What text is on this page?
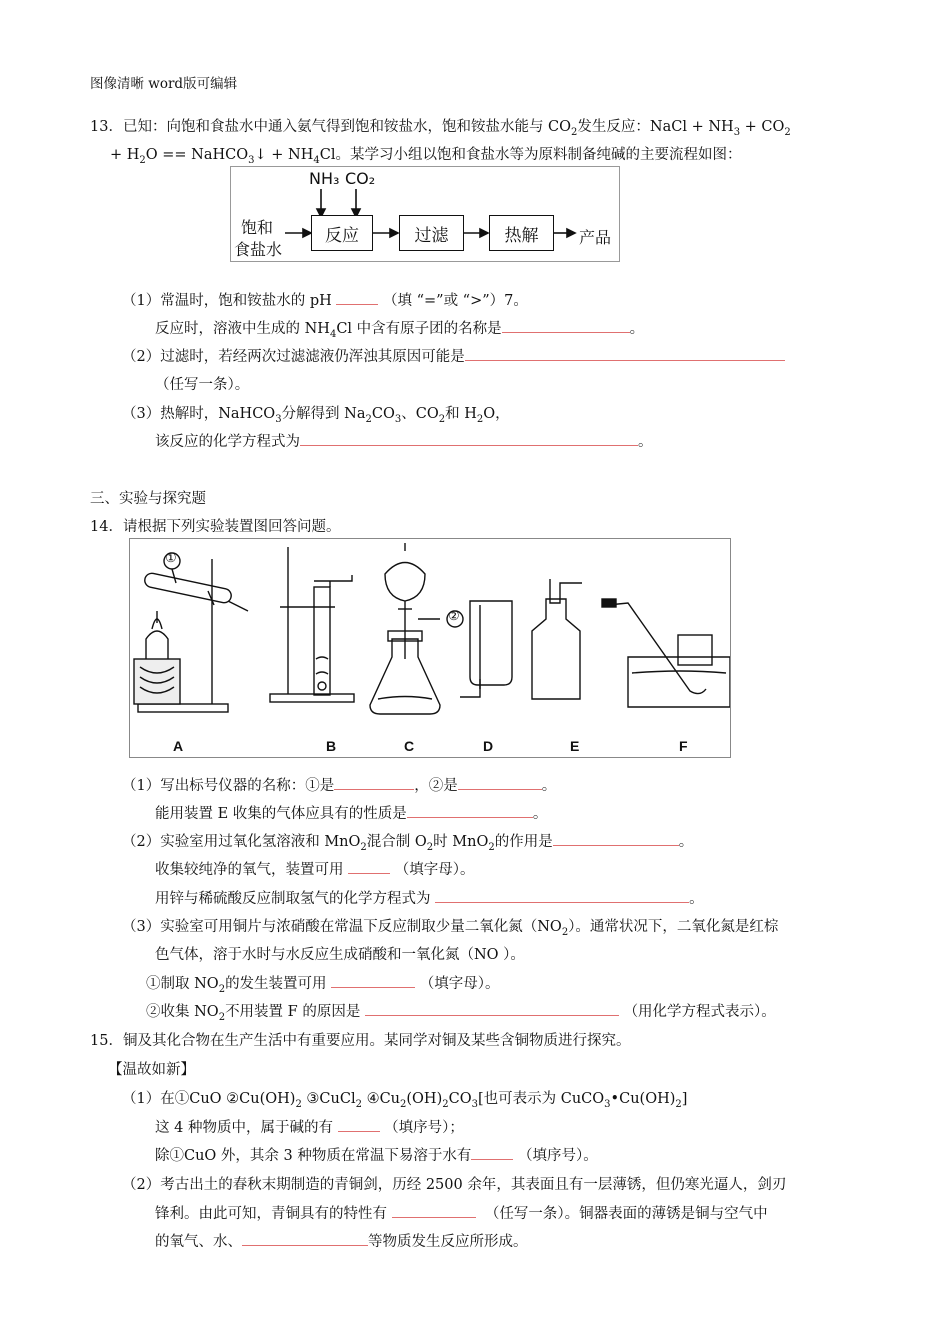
图像清晰 word版可编辑
13．已知：向饱和食盐水中通入氨气得到饱和铵盐水，饱和铵盐水能与 $CO_2$发生反应：NaCl + $NH_3 + CO_2$
+ $H_2O$ == NaHCO$_3$↓ + $NH_4Cl$。某学习小组以饱和食盐水等为原料制备纯碱的主要流程如图：
NH₃ CO₂
饱和
食盐水
反应	过滤	热解	产品
（1）常温时，饱和铵盐水的 pH	（填 “=”或 “>”）7。
反应时，溶液中生成的 $NH_4Cl$ 中含有原子团的名称是	。
（2）过滤时，若经两次过滤滤液仍浑浊其原因可能是
（任写一条）。
（3）热解时，NaHCO$_3$分解得到 $Na_2CO_3$、$CO_2$和 $H_2O$，
该反应的化学方程式为	。
三、实验与探究题
14．请根据下列实验装置图回答问题。
A	B	C	D	E	F
①
②
（1）写出标号仪器的名称：①是	，②是	。
能用装置 E 收集的气体应具有的性质是	。
（2）实验室用过氧化氢溶液和 MnO$_2$混合制 $O_2$时 MnO$_2$的作用是	。
收集较纯净的氧气，装置可用	（填字母）。
用锌与稀硫酸反应制取氢气的化学方程式为	。
（3）实验室可用铜片与浓硝酸在常温下反应制取少量二氧化氮$(NO_2)$。通常状况下，二氧化氮是红棕
色气体，溶于水时与水反应生成硝酸和一氧化氮（NO ）。
①制取 $NO_2$的发生装置可用	（填字母）。
②收集 $NO_2$不用装置 F 的原因是	（用化学方程式表示）。
15．铜及其化合物在生产生活中有重要应用。某同学对铜及某些含铜物质进行探究。
【温故如新】
（1）在①CuO $②Cu(OH)_2$ ③CuCl$_2$ $④Cu_2(OH)_2CO_3$[也可表示为 $CuCO_3•Cu(OH)_2$]
这 4 种物质中，属于碱的有	（填序号）；
除①CuO 外，其余 3 种物质在常温下易溶于水有	（填序号）。
（2）考古出土的春秋末期制造的青铜剑，历经 2500 余年，其表面且有一层薄锈，但仍寒光逼人，剑刃
锋利。由此可知，青铜具有的特性有	（任写一条）。铜器表面的薄锈是铜与空气中
的氧气、水、	等物质发生反应所形成。
